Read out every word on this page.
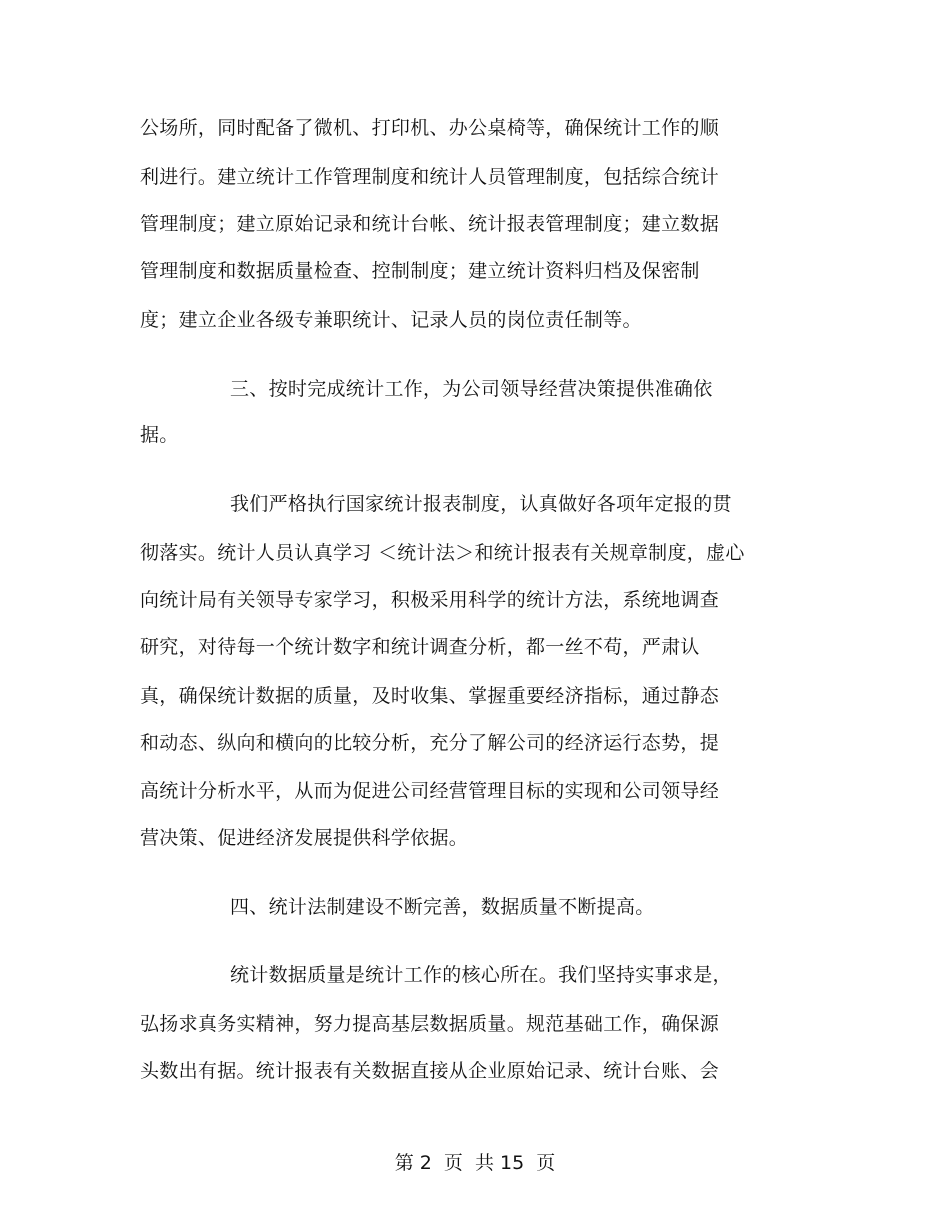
公场所，同时配备了微机、打印机、办公桌椅等，确保统计工作的顺
利进行。建立统计工作管理制度和统计人员管理制度，包括综合统计
管理制度；建立原始记录和统计台帐、统计报表管理制度；建立数据
管理制度和数据质量检查、控制制度；建立统计资料归档及保密制
度；建立企业各级专兼职统计、记录人员的岗位责任制等。
三、按时完成统计工作，为公司领导经营决策提供准确依
据。
我们严格执行国家统计报表制度，认真做好各项年定报的贯
彻落实。统计人员认真学习 ＜统计法＞和统计报表有关规章制度，虚心
向统计局有关领导专家学习，积极采用科学的统计方法，系统地调查
研究，对待每一个统计数字和统计调查分析，都一丝不苟，严肃认
真，确保统计数据的质量，及时收集、掌握重要经济指标，通过静态
和动态、纵向和横向的比较分析，充分了解公司的经济运行态势，提
高统计分析水平，从而为促进公司经营管理目标的实现和公司领导经
营决策、促进经济发展提供科学依据。
四、统计法制建设不断完善，数据质量不断提高。
统计数据质量是统计工作的核心所在。我们坚持实事求是，
弘扬求真务实精神，努力提高基层数据质量。规范基础工作，确保源
头数出有据。统计报表有关数据直接从企业原始记录、统计台账、会
第 2  页  共 15  页
